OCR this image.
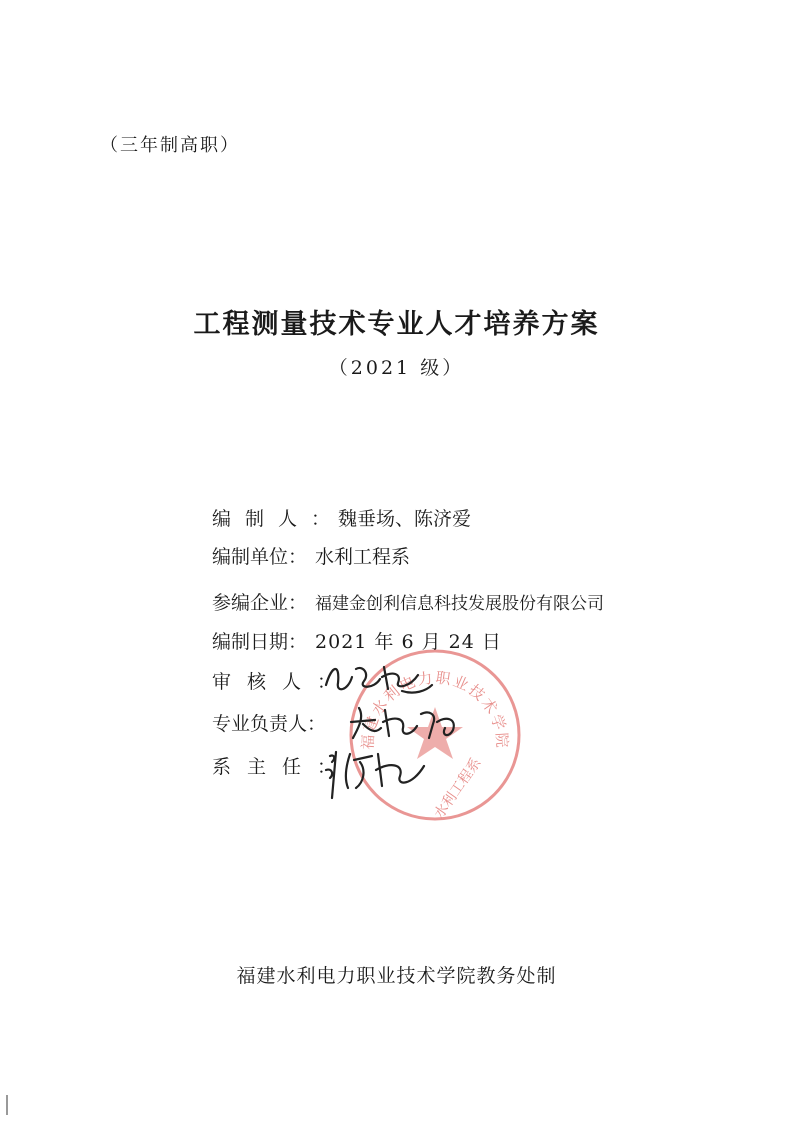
（三年制高职）
工程测量技术专业人才培养方案
（2021 级）
编制人：魏垂场、陈济爱
编制单位： 水利工程系
参编企业： 福建金创利信息科技发展股份有限公司
编制日期： 2021 年 6 月 24 日
审核人：
专业负责人：
系主任：
福建水利电力职业技术学院
水利工程系
福建水利电力职业技术学院教务处制
